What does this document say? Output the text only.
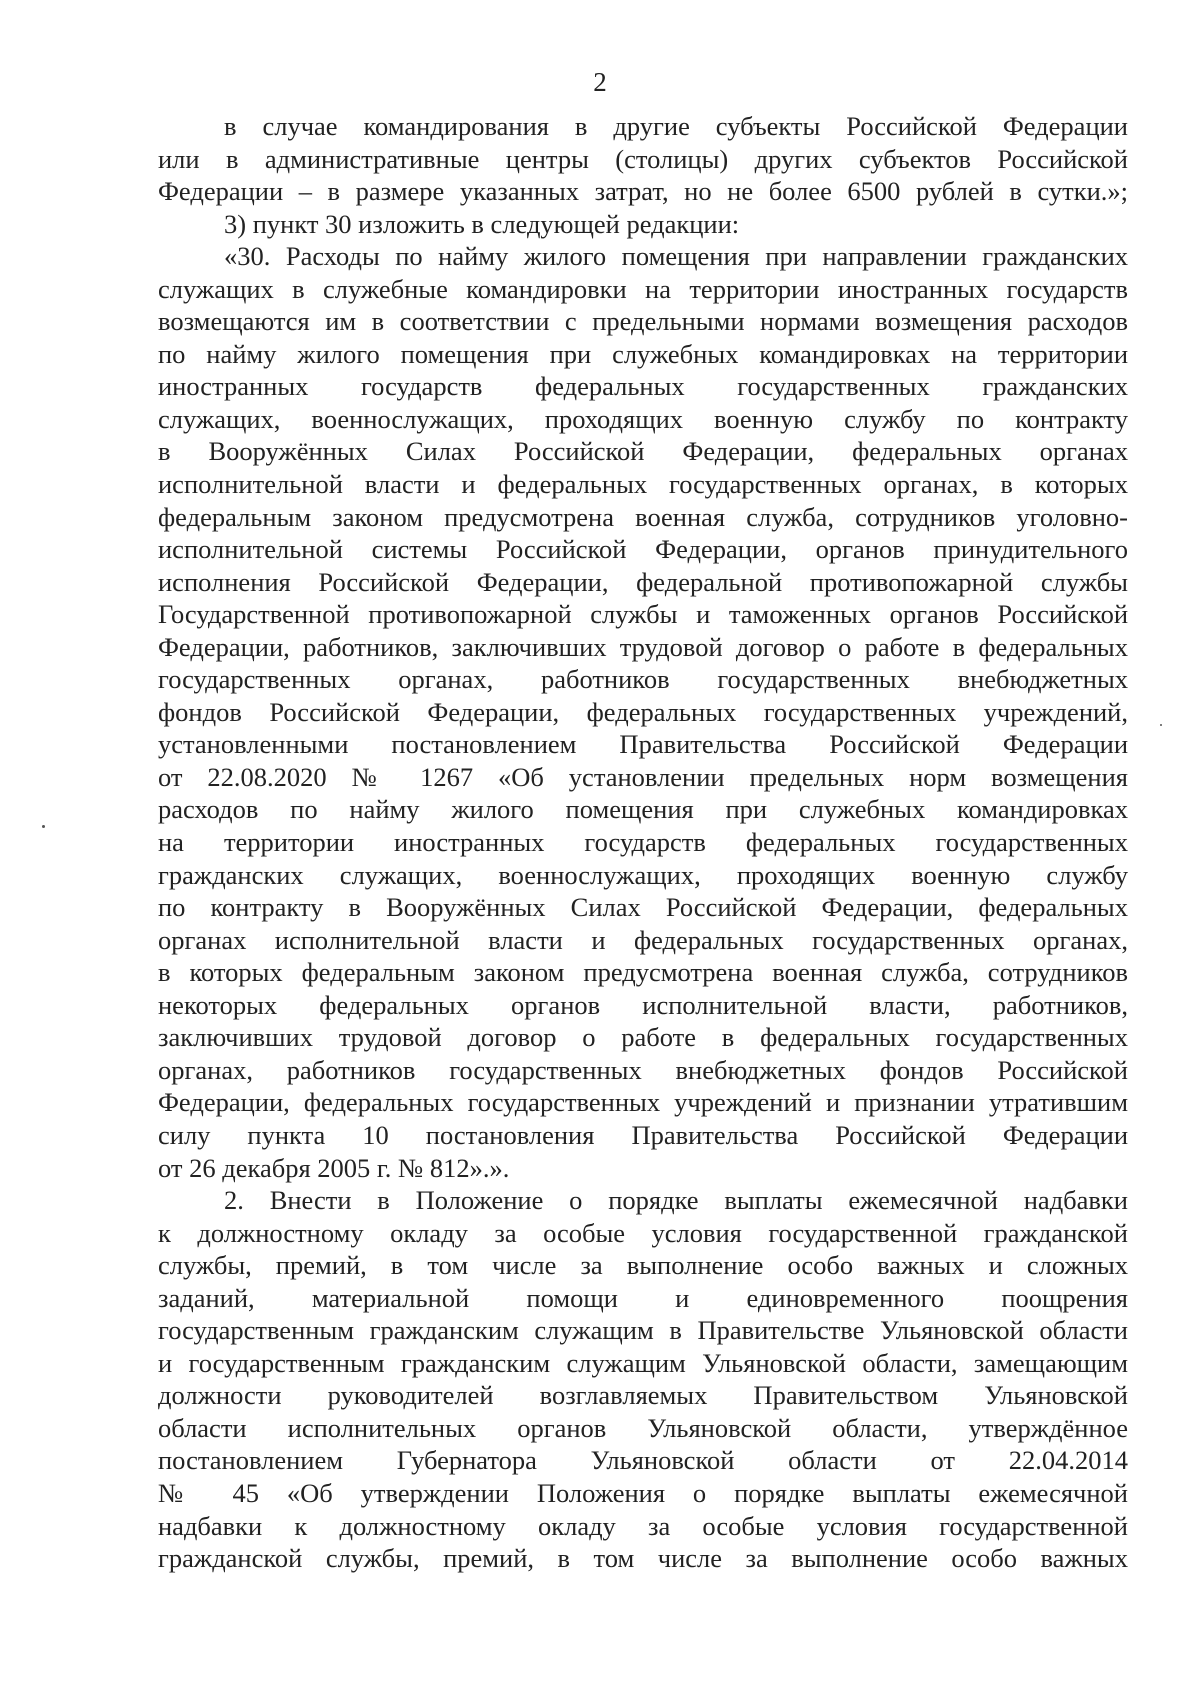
2
в случае командирования в другие субъекты Российской Федерации
или в административные центры (столицы) других субъектов Российской
Федерации – в размере указанных затрат, но не более 6500 рублей в сутки.»;
3) пункт 30 изложить в следующей редакции:
«30. Расходы по найму жилого помещения при направлении гражданских
служащих в служебные командировки на территории иностранных государств
возмещаются им в соответствии с предельными нормами возмещения расходов
по найму жилого помещения при служебных командировках на территории
иностранных государств федеральных государственных гражданских
служащих, военнослужащих, проходящих военную службу по контракту
в Вооружённых Силах Российской Федерации, федеральных органах
исполнительной власти и федеральных государственных органах, в которых
федеральным законом предусмотрена военная служба, сотрудников уголовно-
исполнительной системы Российской Федерации, органов принудительного
исполнения Российской Федерации, федеральной противопожарной службы
Государственной противопожарной службы и таможенных органов Российской
Федерации, работников, заключивших трудовой договор о работе в федеральных
государственных органах, работников государственных внебюджетных
фондов Российской Федерации, федеральных государственных учреждений,
установленными постановлением Правительства Российской Федерации
от 22.08.2020 № 1267 «Об установлении предельных норм возмещения
расходов по найму жилого помещения при служебных командировках
на территории иностранных государств федеральных государственных
гражданских служащих, военнослужащих, проходящих военную службу
по контракту в Вооружённых Силах Российской Федерации, федеральных
органах исполнительной власти и федеральных государственных органах,
в которых федеральным законом предусмотрена военная служба, сотрудников
некоторых федеральных органов исполнительной власти, работников,
заключивших трудовой договор о работе в федеральных государственных
органах, работников государственных внебюджетных фондов Российской
Федерации, федеральных государственных учреждений и признании утратившим
силу пункта 10 постановления Правительства Российской Федерации
от 26 декабря 2005 г. № 812».».
2. Внести в Положение о порядке выплаты ежемесячной надбавки
к должностному окладу за особые условия государственной гражданской
службы, премий, в том числе за выполнение особо важных и сложных
заданий, материальной помощи и единовременного поощрения
государственным гражданским служащим в Правительстве Ульяновской области
и государственным гражданским служащим Ульяновской области, замещающим
должности руководителей возглавляемых Правительством Ульяновской
области исполнительных органов Ульяновской области, утверждённое
постановлением Губернатора Ульяновской области от 22.04.2014
№ 45 «Об утверждении Положения о порядке выплаты ежемесячной
надбавки к должностному окладу за особые условия государственной
гражданской службы, премий, в том числе за выполнение особо важных
